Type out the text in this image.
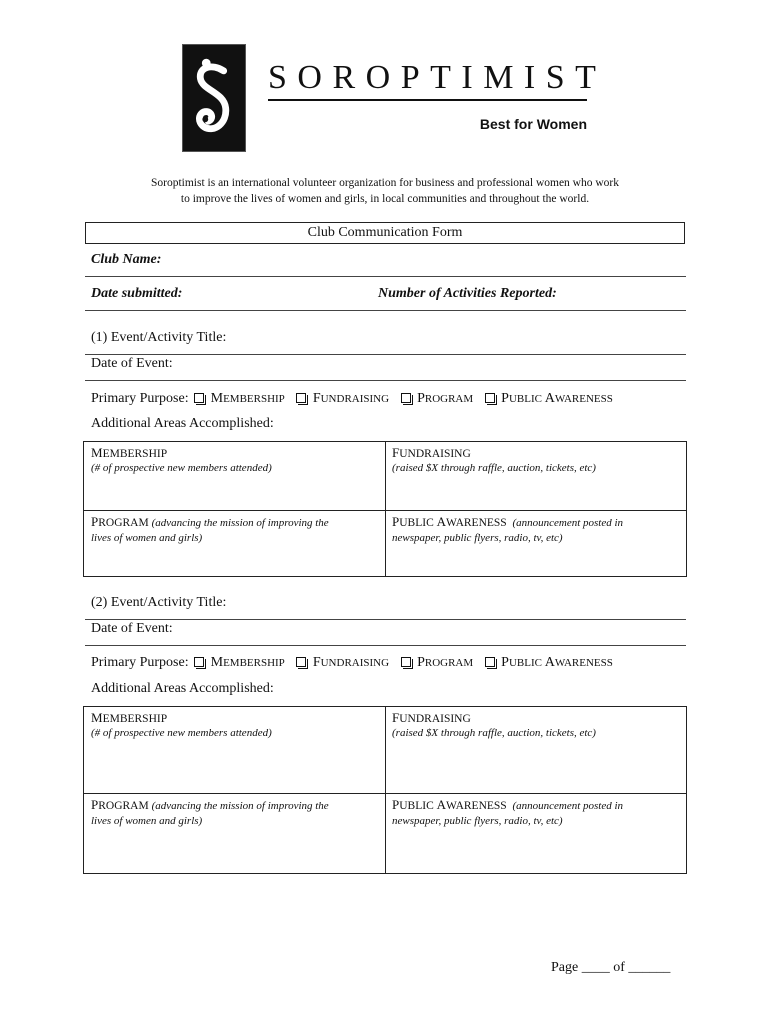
SOROPTIMIST
Best for Women
Soroptimist is an international volunteer organization for business and professional women who work
to improve the lives of women and girls, in local communities and throughout the world.
Club Communication Form
Club Name:
Date submitted:	Number of Activities Reported:
(1) Event/Activity Title:
Date of Event:
Primary Purpose: MEMBERSHIP FUNDRAISING PROGRAM PUBLIC AWARENESS
Additional Areas Accomplished:
MEMBERSHIP
(# of prospective new members attended)
FUNDRAISING
(raised $X through raffle, auction, tickets, etc)
PROGRAM (advancing the mission of improving the
lives of women and girls)
PUBLIC AWARENESS (announcement posted in
newspaper, public flyers, radio, tv, etc)
(2) Event/Activity Title:
Date of Event:
Primary Purpose: MEMBERSHIP FUNDRAISING PROGRAM PUBLIC AWARENESS
Additional Areas Accomplished:
MEMBERSHIP
(# of prospective new members attended)
FUNDRAISING
(raised $X through raffle, auction, tickets, etc)
PROGRAM (advancing the mission of improving the
lives of women and girls)
PUBLIC AWARENESS (announcement posted in
newspaper, public flyers, radio, tv, etc)
Page ____ of ______
